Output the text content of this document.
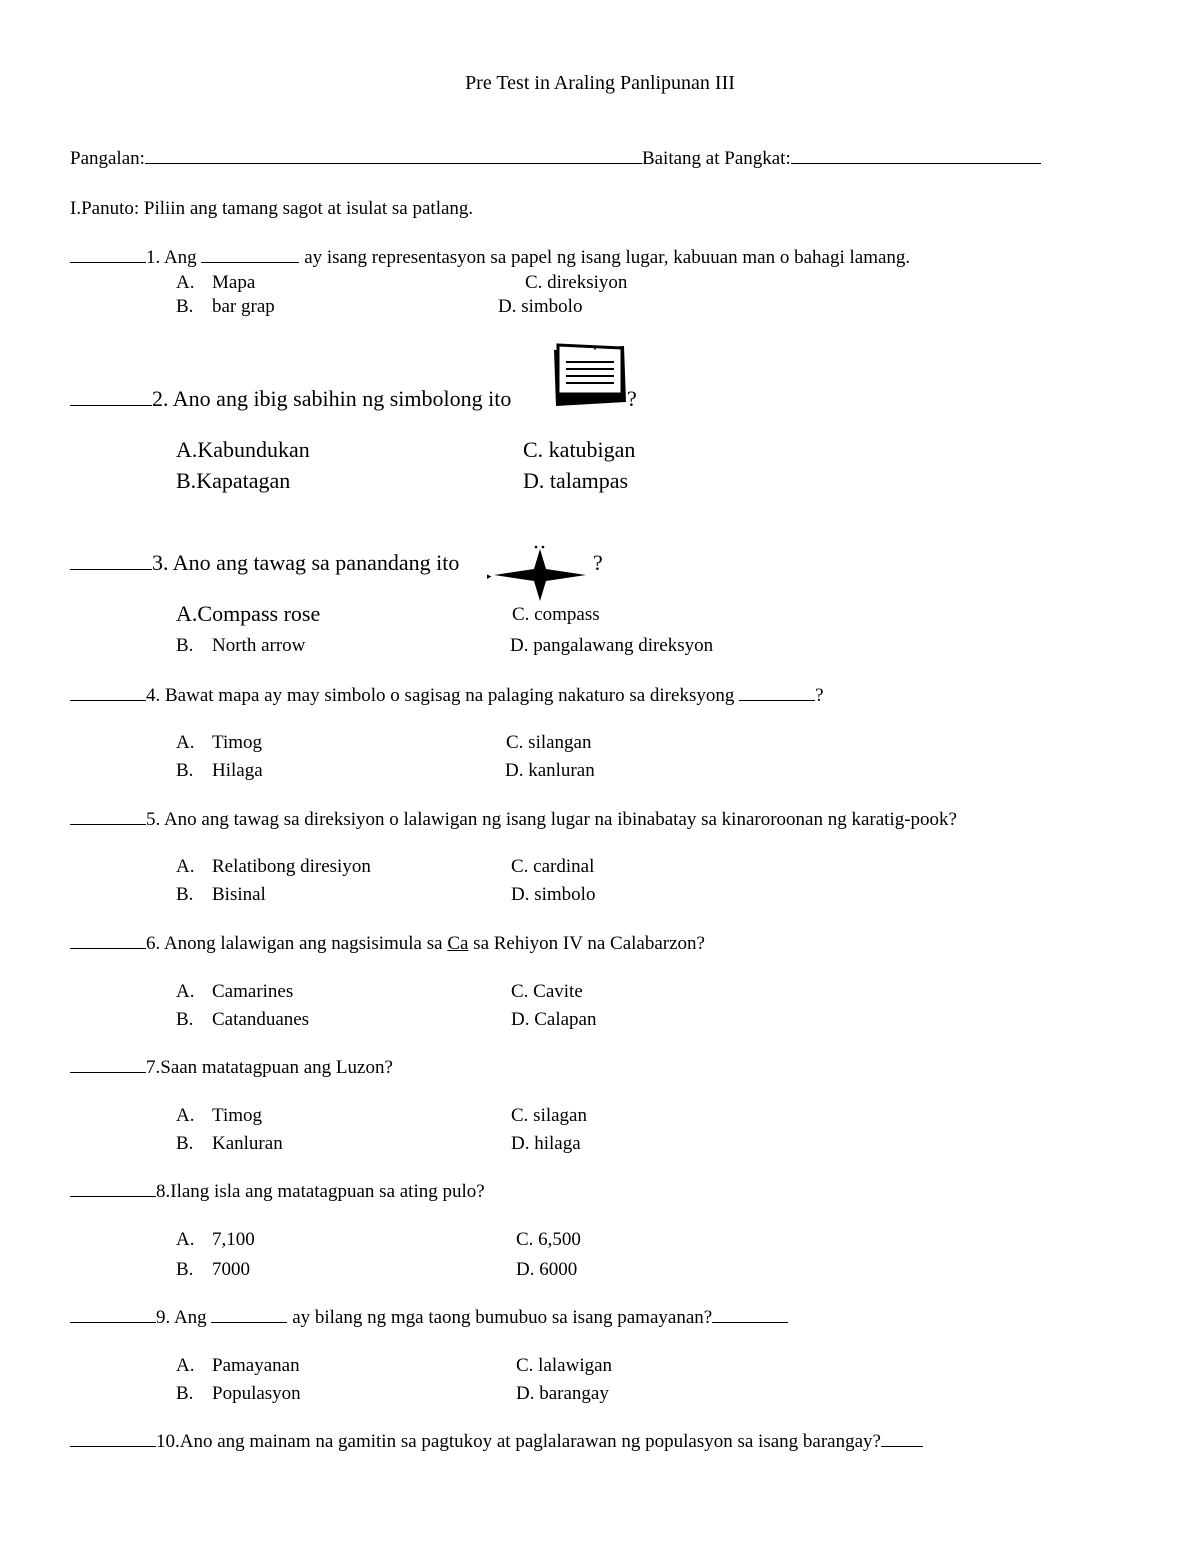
Pre Test in Araling Panlipunan III
Pangalan:	Baitang at Pangkat:
I.Panuto: Piliin ang tamang sagot at isulat sa patlang.
1. Ang	ay isang representasyon sa papel ng isang lugar, kabuuan man o bahagi lamang.
A. Mapa
B. bar grap
C. direksiyon
D. simbolo
2. Ano ang ibig sabihin ng simbolong ito	?
A.Kabundukan
B.Kapatagan
C. katubigan
D. talampas
3. Ano ang tawag sa panandang ito
▸
?
A.Compass rose
B. North arrow
C. compass
D. pangalawang direksyon
4. Bawat mapa ay may simbolo o sagisag na palaging nakaturo sa direksyong	?
A. Timog
B. Hilaga
C. silangan
D. kanluran
5. Ano ang tawag sa direksiyon o lalawigan ng isang lugar na ibinabatay sa kinaroroonan ng karatig-pook?
A. Relatibong diresiyon
B. Bisinal
C. cardinal
D. simbolo
6. Anong lalawigan ang nagsisimula sa Ca sa Rehiyon IV na Calabarzon?
A. Camarines
B. Catanduanes
C. Cavite
D. Calapan
7.Saan matatagpuan ang Luzon?
A. Timog
B. Kanluran
C. silagan
D. hilaga
8.Ilang isla ang matatagpuan sa ating pulo?
A. 7,100
B. 7000
C. 6,500
D. 6000
9. Ang	ay bilang ng mga taong bumubuo sa isang pamayanan?
A. Pamayanan
B. Populasyon
C. lalawigan
D. barangay
10.Ano ang mainam na gamitin sa pagtukoy at paglalarawan ng populasyon sa isang barangay?
